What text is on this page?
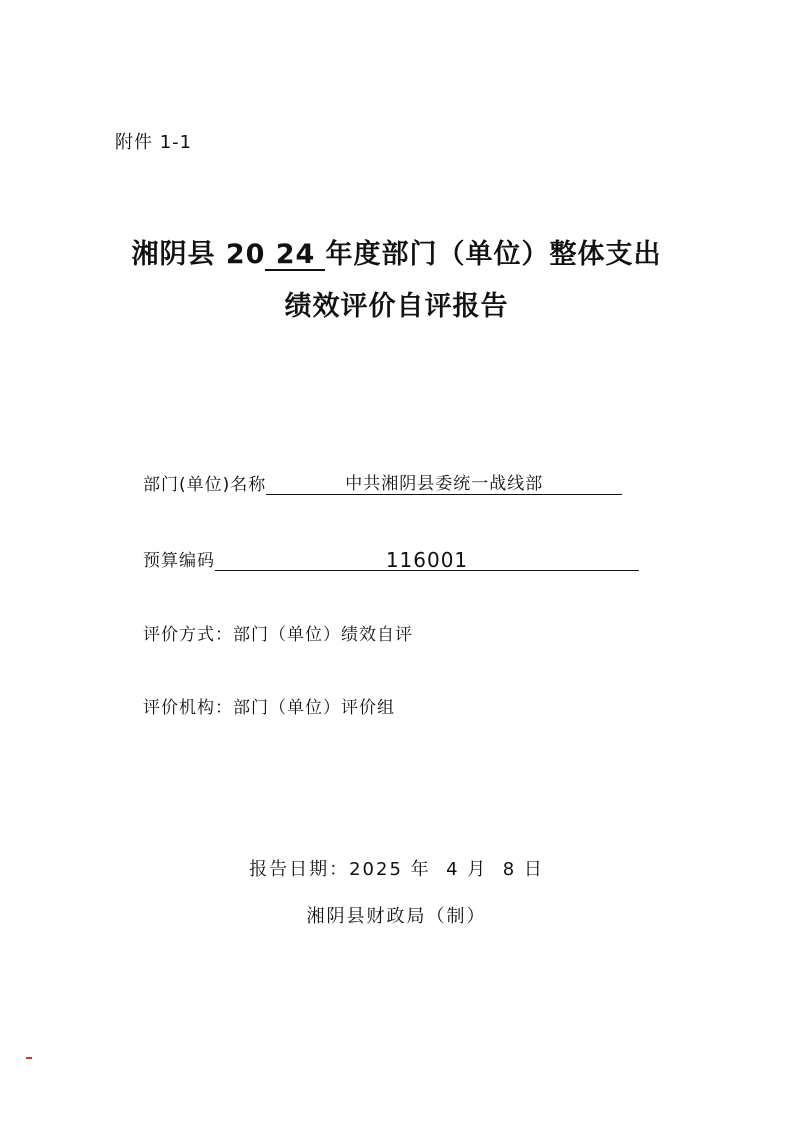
附件 1-1
湘阴县 20 24 年度部门（单位）整体支出
绩效评价自评报告
部门(单位)名称	中共湘阴县委统一战线部
预算编码	116001
评价方式： 部门（单位）绩效自评
评价机构： 部门（单位）评价组
报告日期：2025 年  4 月  8 日
湘阴县财政局（制）
